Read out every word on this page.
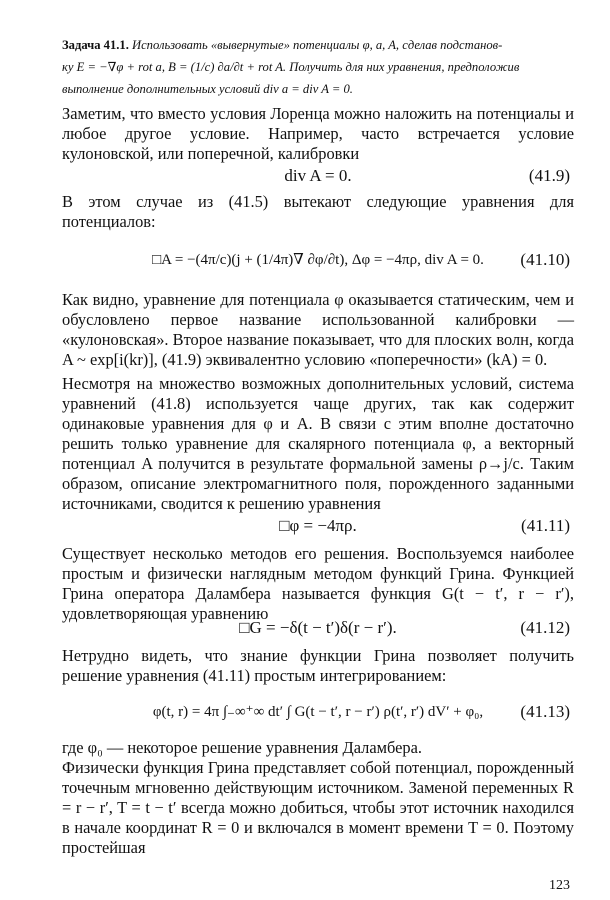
Задача 41.1. Использовать «вывернутые» потенциалы φ, a, A, сделав подстанов-
ку E = −∇φ + rot a, B = (1/c) ∂a/∂t + rot A. Получить для них уравнения, предположив
выполнение дополнительных условий div a = div A = 0.
Заметим, что вместо условия Лоренца можно наложить на потенциалы и любое другое условие. Например, часто встречается условие кулоновской, или поперечной, калибровки
div A = 0.	(41.9)
В этом случае из (41.5) вытекают следующие уравнения для потенциалов:
□A = −(4π/c)(j + (1/4π)∇ ∂φ/∂t), Δφ = −4πρ, div A = 0.	(41.10)
Как видно, уравнение для потенциала φ оказывается статическим, чем и обусловлено первое название использованной калибровки — «кулоновская». Второе название показывает, что для плоских волн, когда A ~ exp[i(kr)], (41.9) эквивалентно условию «поперечности» (kA) = 0.
Несмотря на множество возможных дополнительных условий, система уравнений (41.8) используется чаще других, так как содержит одинаковые уравнения для φ и A. В связи с этим вполне достаточно решить только уравнение для скалярного потенциала φ, а векторный потенциал A получится в результате формальной замены ρ→j/c. Таким образом, описание электромагнитного поля, порожденного заданными источниками, сводится к решению уравнения
□φ = −4πρ.	(41.11)
Существует несколько методов его решения. Воспользуемся наиболее простым и физически наглядным методом функций Грина. Функцией Грина оператора Даламбера называется функция G(t − t′, r − r′), удовлетворяющая уравнению
□G = −δ(t − t′)δ(r − r′).	(41.12)
Нетрудно видеть, что знание функции Грина позволяет получить решение уравнения (41.11) простым интегрированием:
φ(t, r) = 4π ∫₋∞⁺∞ dt′ ∫ G(t − t′, r − r′) ρ(t′, r′) dV′ + φ₀,	(41.13)
где φ₀ — некоторое решение уравнения Даламбера.
Физически функция Грина представляет собой потенциал, порожденный точечным мгновенно действующим источником. Заменой переменных R = r − r′, T = t − t′ всегда можно добиться, чтобы этот источник находился в начале координат R = 0 и включался в момент времени T = 0. Поэтому простейшая
123
